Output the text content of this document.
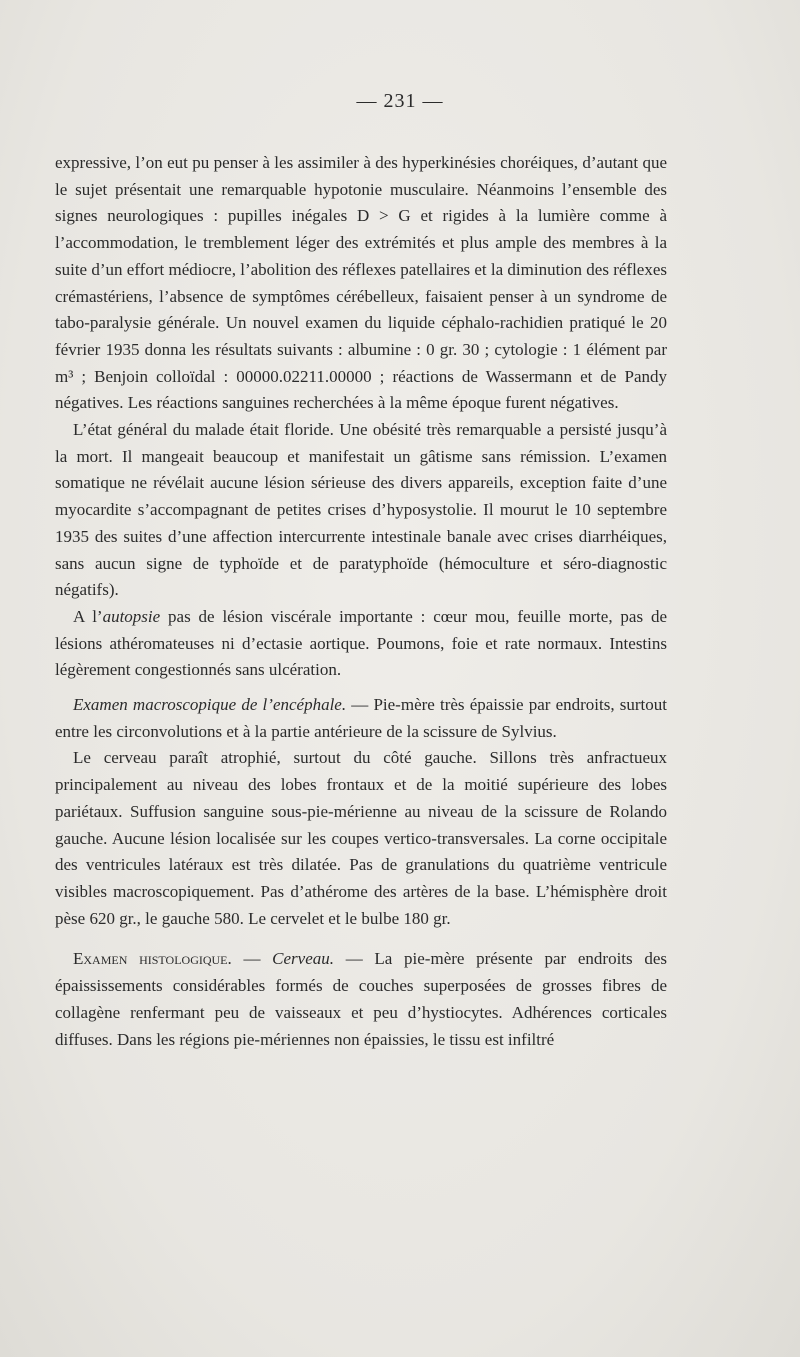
— 231 —

expressive, l’on eut pu penser à les assimiler à des hyperkinésies choréiques, d’autant que le sujet présentait une remarquable hypotonie musculaire. Néanmoins l’ensemble des signes neurologiques : pupilles inégales D > G et rigides à la lumière comme à l’accommodation, le tremblement léger des extrémités et plus ample des membres à la suite d’un effort médiocre, l’abolition des réflexes patellaires et la diminution des réflexes crémastériens, l’absence de symptômes cérébelleux, faisaient penser à un syndrome de tabo-paralysie générale. Un nouvel examen du liquide céphalo-rachidien pratiqué le 20 février 1935 donna les résultats suivants : albumine : 0 gr. 30 ; cytologie : 1 élément par m³ ; Benjoin colloïdal : 00000.02211.00000 ; réactions de Wassermann et de Pandy négatives. Les réactions sanguines recherchées à la même époque furent négatives.

L’état général du malade était floride. Une obésité très remarquable a persisté jusqu’à la mort. Il mangeait beaucoup et manifestait un gâtisme sans rémission. L’examen somatique ne révélait aucune lésion sérieuse des divers appareils, exception faite d’une myocardite s’accompagnant de petites crises d’hyposystolie. Il mourut le 10 septembre 1935 des suites d’une affection intercurrente intestinale banale avec crises diarrhéiques, sans aucun signe de typhoïde et de paratyphoïde (hémoculture et séro-diagnostic négatifs).

A l’autopsie pas de lésion viscérale importante : cœur mou, feuille morte, pas de lésions athéromateuses ni d’ectasie aortique. Poumons, foie et rate normaux. Intestins légèrement congestionnés sans ulcération.

Examen macroscopique de l’encéphale. — Pie-mère très épaissie par endroits, surtout entre les circonvolutions et à la partie antérieure de la scissure de Sylvius.

Le cerveau paraît atrophié, surtout du côté gauche. Sillons très anfractueux principalement au niveau des lobes frontaux et de la moitié supérieure des lobes pariétaux. Suffusion sanguine sous-pie-mérienne au niveau de la scissure de Rolando gauche. Aucune lésion localisée sur les coupes vertico-transversales. La corne occipitale des ventricules latéraux est très dilatée. Pas de granulations du quatrième ventricule visibles macroscopiquement. Pas d’athérome des artères de la base. L’hémisphère droit pèse 620 gr., le gauche 580. Le cervelet et le bulbe 180 gr.

Examen histologique. — Cerveau. — La pie-mère présente par endroits des épaississements considérables formés de couches superposées de grosses fibres de collagène renfermant peu de vaisseaux et peu d’hystiocytes. Adhérences corticales diffuses. Dans les régions pie-mériennes non épaissies, le tissu est infiltré
